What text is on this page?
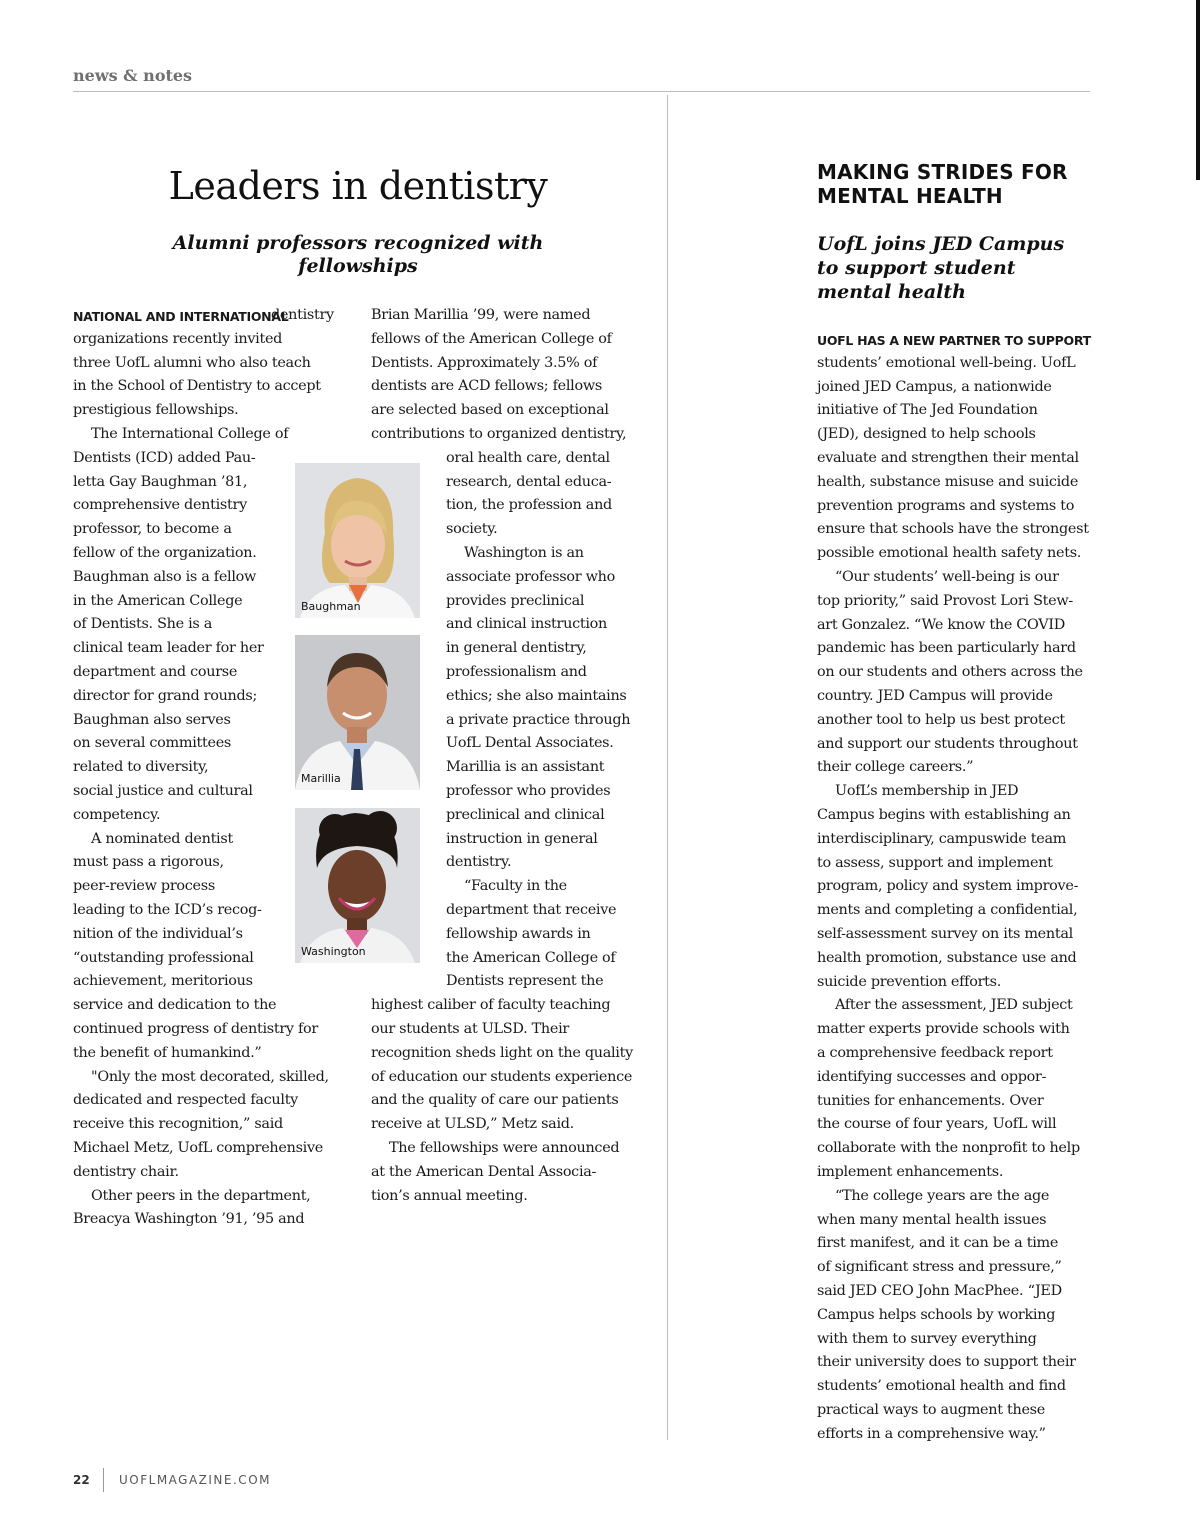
news & notes
Leaders in dentistry
Alumni professors recognized with fellowships
NATIONAL AND INTERNATIONAL
dentistry
organizations recently invited
three UofL alumni who also teach
in the School of Dentistry to accept
prestigious fellowships.
The International College of
Dentists (ICD) added Pau-
letta Gay Baughman ’81,
comprehensive dentistry
professor, to become a
fellow of the organization.
Baughman also is a fellow
in the American College
of Dentists. She is a
clinical team leader for her
department and course
director for grand rounds;
Baughman also serves
on several committees
related to diversity,
social justice and cultural
competency.
A nominated dentist
must pass a rigorous,
peer-review process
leading to the ICD’s recog-
nition of the individual’s
“outstanding professional
achievement, meritorious
service and dedication to the
continued progress of dentistry for
the benefit of humankind.”
"Only the most decorated, skilled,
dedicated and respected faculty
receive this recognition,” said
Michael Metz, UofL comprehensive
dentistry chair.
Other peers in the department,
Breacya Washington ’91, ’95 and
Brian Marillia ’99, were named
fellows of the American College of
Dentists. Approximately 3.5% of
dentists are ACD fellows; fellows
are selected based on exceptional
contributions to organized dentistry,
oral health care, dental
research, dental educa-
tion, the profession and
society.
Washington is an
associate professor who
provides preclinical
and clinical instruction
in general dentistry,
professionalism and
ethics; she also maintains
a private practice through
UofL Dental Associates.
Marillia is an assistant
professor who provides
preclinical and clinical
instruction in general
dentistry.
“Faculty in the
department that receive
fellowship awards in
the American College of
Dentists represent the
highest caliber of faculty teaching
our students at ULSD. Their
recognition sheds light on the quality
of education our students experience
and the quality of care our patients
receive at ULSD,” Metz said.
The fellowships were announced
at the American Dental Associa-
tion’s annual meeting.
Baughman
Marillia
Washington
MAKING STRIDES FOR
MENTAL HEALTH
UofL joins JED Campus to support student mental health
UOFL HAS A NEW PARTNER TO SUPPORT
students’ emotional well-being. UofL
joined JED Campus, a nationwide
initiative of The Jed Foundation
(JED), designed to help schools
evaluate and strengthen their mental
health, substance misuse and suicide
prevention programs and systems to
ensure that schools have the strongest
possible emotional health safety nets.
“Our students’ well-being is our
top priority,” said Provost Lori Stew-
art Gonzalez. “We know the COVID
pandemic has been particularly hard
on our students and others across the
country. JED Campus will provide
another tool to help us best protect
and support our students throughout
their college careers.”
UofL’s membership in JED
Campus begins with establishing an
interdisciplinary, campuswide team
to assess, support and implement
program, policy and system improve-
ments and completing a confidential,
self-assessment survey on its mental
health promotion, substance use and
suicide prevention efforts.
After the assessment, JED subject
matter experts provide schools with
a comprehensive feedback report
identifying successes and oppor-
tunities for enhancements. Over
the course of four years, UofL will
collaborate with the nonprofit to help
implement enhancements.
“The college years are the age
when many mental health issues
first manifest, and it can be a time
of significant stress and pressure,”
said JED CEO John MacPhee. “JED
Campus helps schools by working
with them to survey everything
their university does to support their
students’ emotional health and find
practical ways to augment these
efforts in a comprehensive way.”
22 UOFLMAGAZINE.COM
